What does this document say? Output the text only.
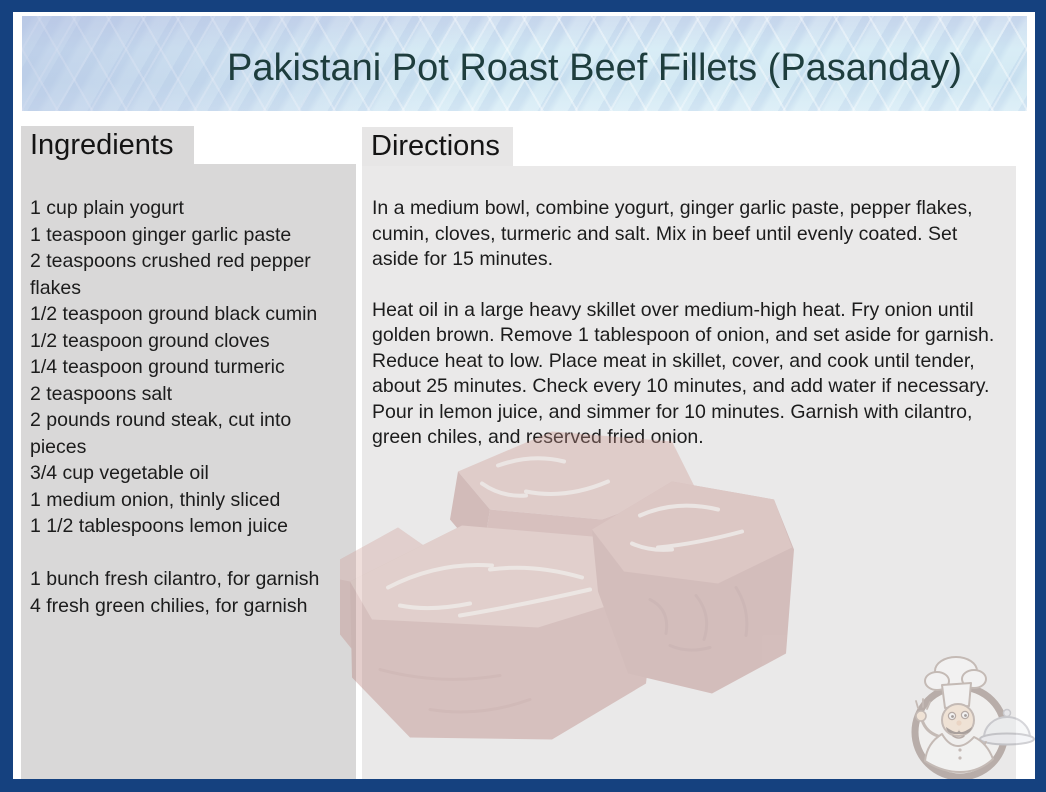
Pakistani Pot Roast Beef Fillets (Pasanday)
Ingredients
1 cup plain yogurt
1 teaspoon ginger garlic paste
2 teaspoons crushed red pepper flakes
1/2 teaspoon ground black cumin
1/2 teaspoon ground cloves
1/4 teaspoon ground turmeric
2 teaspoons salt
2 pounds round steak, cut into pieces
3/4 cup vegetable oil
1 medium onion, thinly sliced
1 1/2 tablespoons lemon juice

1 bunch fresh cilantro, for garnish
4 fresh green chilies, for garnish
Directions
In a medium bowl, combine yogurt, ginger garlic paste, pepper flakes, cumin, cloves, turmeric and salt. Mix in beef until evenly coated. Set aside for 15 minutes.
Heat oil in a large heavy skillet over medium-high heat. Fry onion until golden brown. Remove 1 tablespoon of onion, and set aside for garnish. Reduce heat to low. Place meat in skillet, cover, and cook until tender, about 25 minutes. Check every 10 minutes, and add water if necessary. Pour in lemon juice, and simmer for 10 minutes. Garnish with cilantro, green chiles, and reserved fried onion.
